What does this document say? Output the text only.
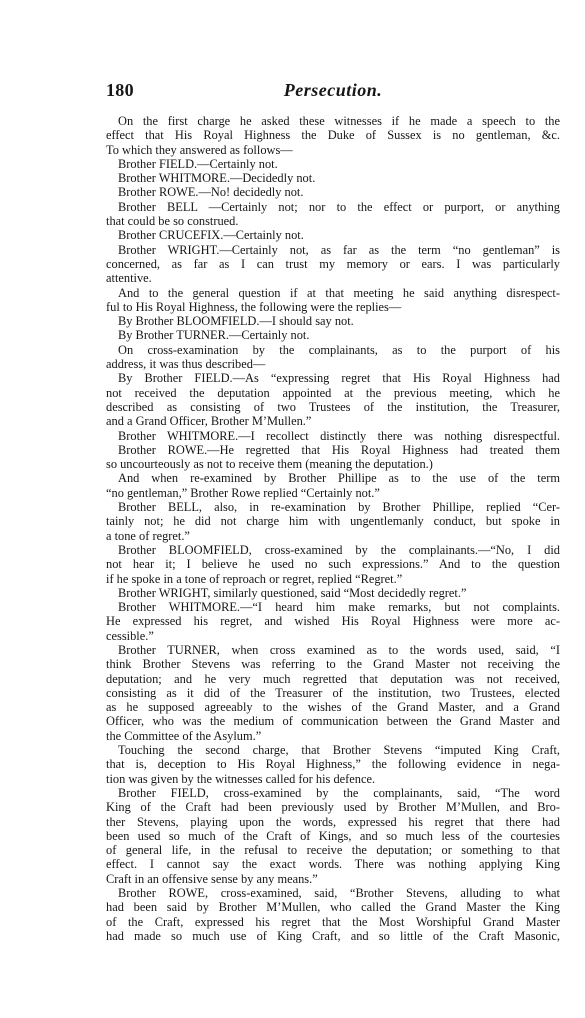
180	Persecution.
On the first charge he asked these witnesses if he made a speech to the
effect that His Royal Highness the Duke of Sussex is no gentleman, &c.
To which they answered as follows—
Brother FIELD.—Certainly not.
Brother WHITMORE.—Decidedly not.
Brother ROWE.—No! decidedly not.
Brother BELL —Certainly not; nor to the effect or purport, or anything
that could be so construed.
Brother CRUCEFIX.—Certainly not.
Brother WRIGHT.—Certainly not, as far as the term “no gentleman” is
concerned, as far as I can trust my memory or ears. I was particularly
attentive.
And to the general question if at that meeting he said anything disrespect-
ful to His Royal Highness, the following were the replies—
By Brother BLOOMFIELD.—I should say not.
By Brother TURNER.—Certainly not.
On cross-examination by the complainants, as to the purport of his
address, it was thus described—
By Brother FIELD.—As “expressing regret that His Royal Highness had
not received the deputation appointed at the previous meeting, which he
described as consisting of two Trustees of the institution, the Treasurer,
and a Grand Officer, Brother M’Mullen.”
Brother WHITMORE.—I recollect distinctly there was nothing disrespectful.
Brother ROWE.—He regretted that His Royal Highness had treated them
so uncourteously as not to receive them (meaning the deputation.)
And when re-examined by Brother Phillipe as to the use of the term
“no gentleman,” Brother Rowe replied “Certainly not.”
Brother BELL, also, in re-examination by Brother Phillipe, replied “Cer-
tainly not; he did not charge him with ungentlemanly conduct, but spoke in
a tone of regret.”
Brother BLOOMFIELD, cross-examined by the complainants.—“No, I did
not hear it; I believe he used no such expressions.” And to the question
if he spoke in a tone of reproach or regret, replied “Regret.”
Brother WRIGHT, similarly questioned, said “Most decidedly regret.”
Brother WHITMORE.—“I heard him make remarks, but not complaints.
He expressed his regret, and wished His Royal Highness were more ac-
cessible.”
Brother TURNER, when cross examined as to the words used, said, “I
think Brother Stevens was referring to the Grand Master not receiving the
deputation; and he very much regretted that deputation was not received,
consisting as it did of the Treasurer of the institution, two Trustees, elected
as he supposed agreeably to the wishes of the Grand Master, and a Grand
Officer, who was the medium of communication between the Grand Master and
the Committee of the Asylum.”
Touching the second charge, that Brother Stevens “imputed King Craft,
that is, deception to His Royal Highness,” the following evidence in nega-
tion was given by the witnesses called for his defence.
Brother FIELD, cross-examined by the complainants, said, “The word
King of the Craft had been previously used by Brother M’Mullen, and Bro-
ther Stevens, playing upon the words, expressed his regret that there had
been used so much of the Craft of Kings, and so much less of the courtesies
of general life, in the refusal to receive the deputation; or something to that
effect. I cannot say the exact words. There was nothing applying King
Craft in an offensive sense by any means.”
Brother ROWE, cross-examined, said, “Brother Stevens, alluding to what
had been said by Brother M’Mullen, who called the Grand Master the King
of the Craft, expressed his regret that the Most Worshipful Grand Master
had made so much use of King Craft, and so little of the Craft Masonic,
